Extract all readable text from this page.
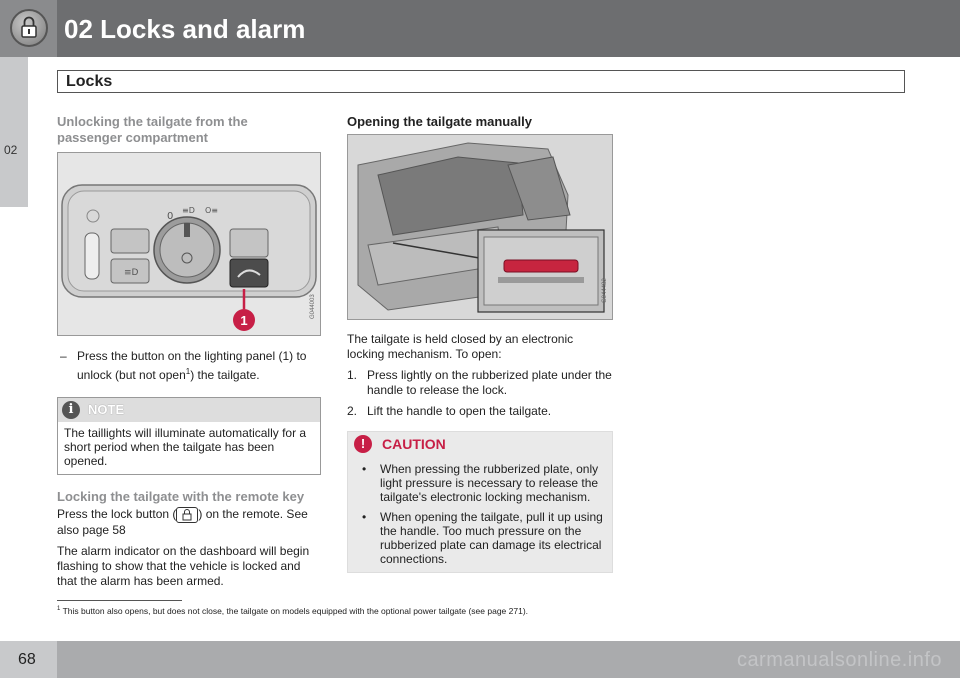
02 Locks and alarm
Locks
02
Unlocking the tailgate from the passenger compartment
≡D
0
≡D O≡
1
G044003
– Press the button on the lighting panel (1) to unlock (but not open$^1$) the tailgate.
i	NOTE
The taillights will illuminate automatically for a short period when the tailgate has been opened.
Locking the tailgate with the remote key

Press the lock button ( ) on the remote. See also page 58

The alarm indicator on the dashboard will begin flashing to show that the vehicle is locked and that the alarm has been armed.

Opening the tailgate manually
G044482

The tailgate is held closed by an electronic locking mechanism. To open:

1. Press lightly on the rubberized plate under the handle to release the lock.
2. Lift the handle to open the tailgate.
!	CAUTION
• When pressing the rubberized plate, only light pressure is necessary to release the tailgate's electronic locking mechanism.
• When opening the tailgate, pull it up using the handle. Too much pressure on the rubberized plate can damage its electrical connections.
$^1$ This button also opens, but does not close, the tailgate on models equipped with the optional power tailgate (see page 271).
68	carmanualsonline.info
